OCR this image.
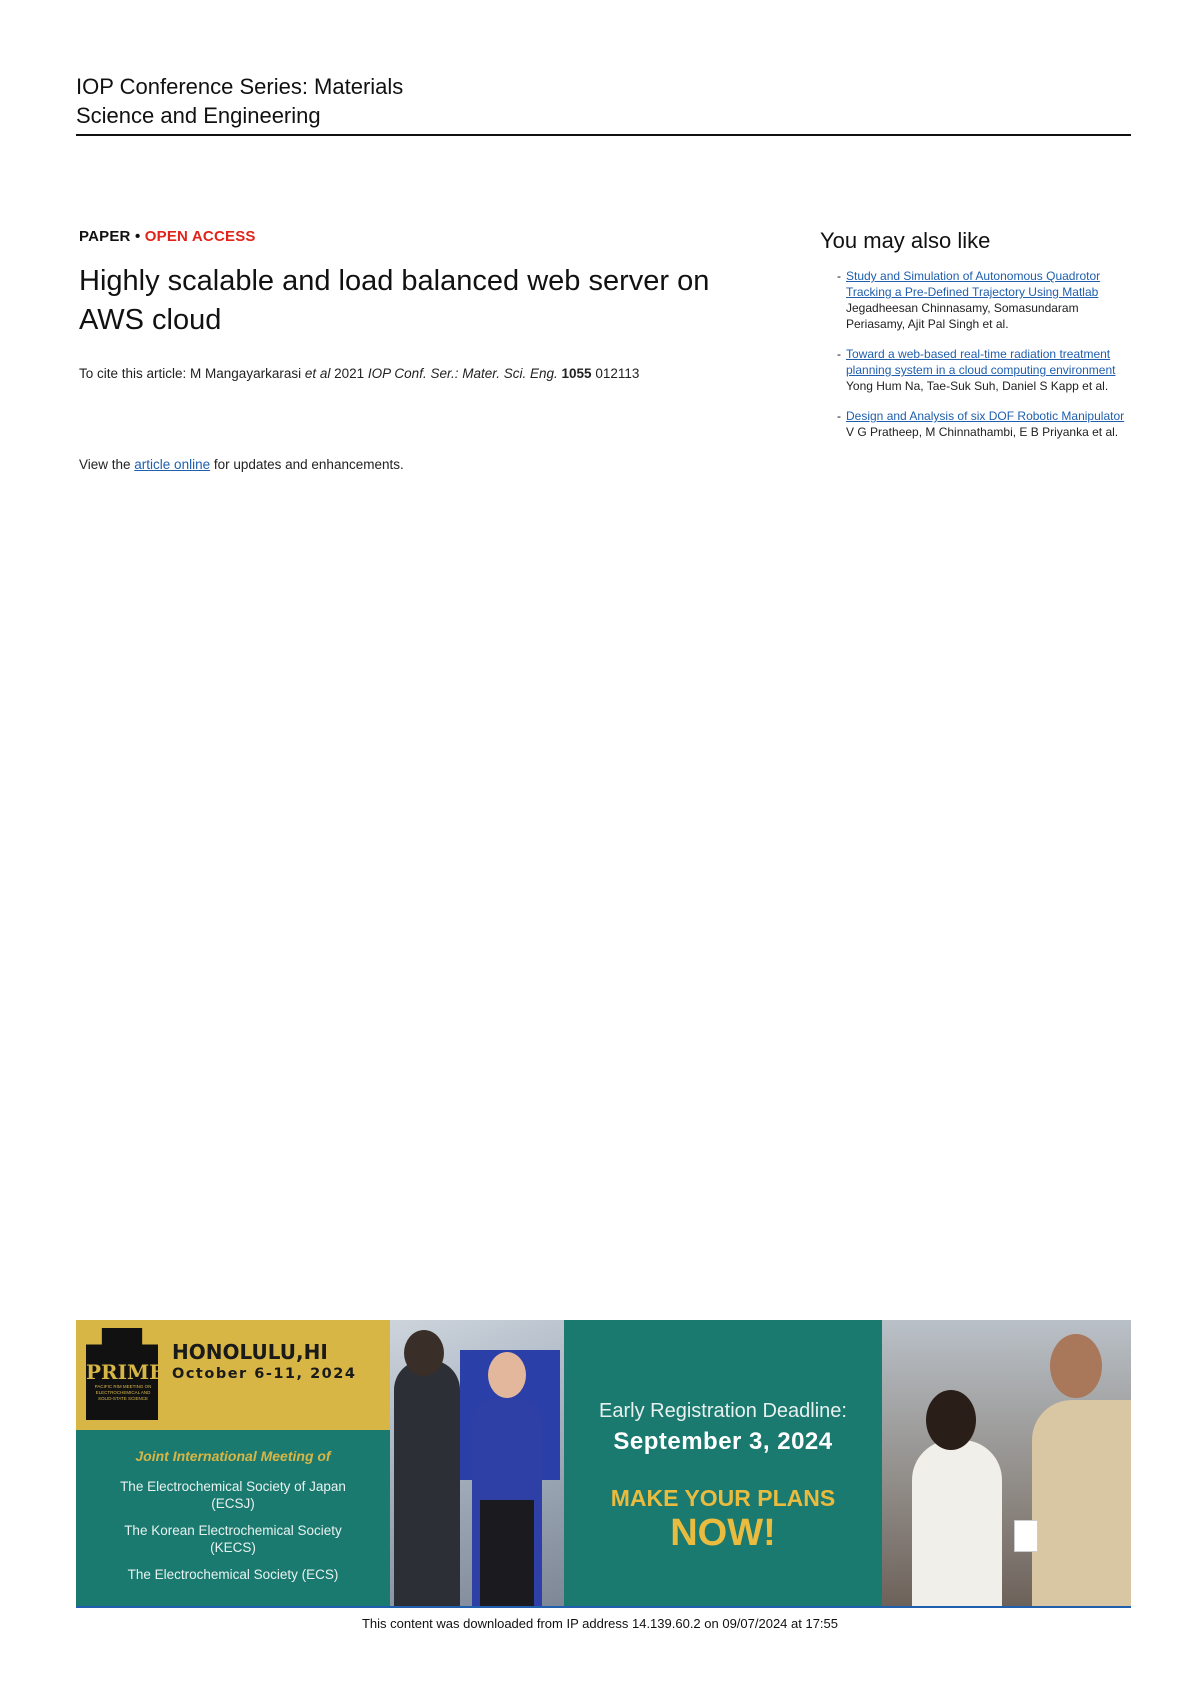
IOP Conference Series: Materials
Science and Engineering
PAPER • OPEN ACCESS
Highly scalable and load balanced web server on
AWS cloud
To cite this article: M Mangayarkarasi et al 2021 IOP Conf. Ser.: Mater. Sci. Eng. 1055 012113
View the article online for updates and enhancements.
You may also like
- Study and Simulation of Autonomous Quadrotor Tracking a Pre-Defined Trajectory Using Matlab
Jegadheesan Chinnasamy, Somasundaram Periasamy, Ajit Pal Singh et al.
- Toward a web-based real-time radiation treatment planning system in a cloud computing environment
Yong Hum Na, Tae-Suk Suh, Daniel S Kapp et al.
- Design and Analysis of six DOF Robotic Manipulator
V G Pratheep, M Chinnathambi, E B Priyanka et al.
PRIME
PACIFIC RIM MEETING ON ELECTROCHEMICAL AND SOLID-STATE SCIENCE
HONOLULU,HI
October 6-11, 2024
Joint International Meeting of
The Electrochemical Society of Japan
(ECSJ)
The Korean Electrochemical Society
(KECS)
The Electrochemical Society (ECS)
Early Registration Deadline:
September 3, 2024
MAKE YOUR PLANS
NOW!
This content was downloaded from IP address 14.139.60.2 on 09/07/2024 at 17:55
